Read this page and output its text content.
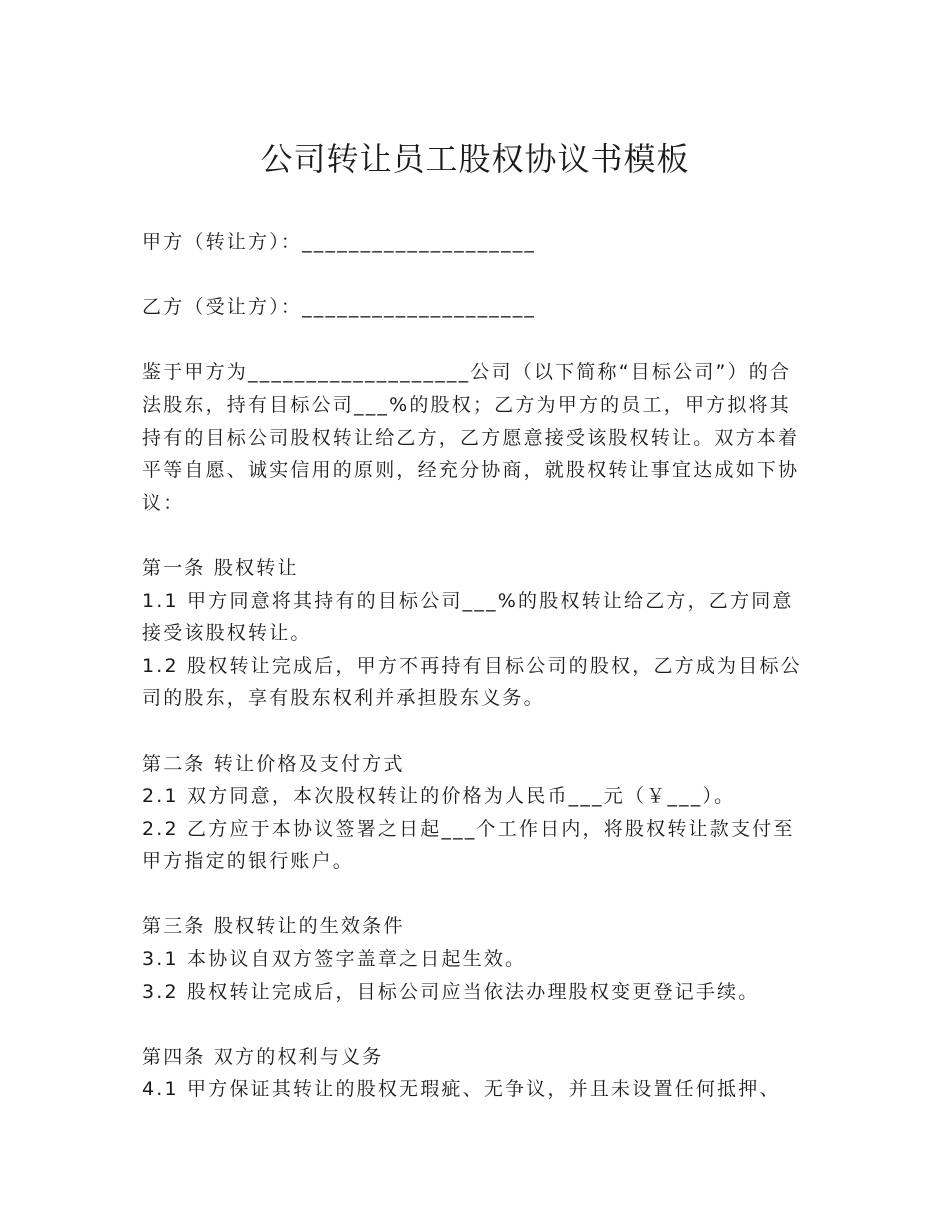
公司转让员工股权协议书模板

甲方（转让方）：____________________

乙方（受让方）：____________________

鉴于甲方为___________________公司（以下简称“目标公司”）的合法股东，持有目标公司___%的股权；乙方为甲方的员工，甲方拟将其持有的目标公司股权转让给乙方，乙方愿意接受该股权转让。双方本着平等自愿、诚实信用的原则，经充分协商，就股权转让事宜达成如下协议：

第一条 股权转让

1.1 甲方同意将其持有的目标公司___%的股权转让给乙方，乙方同意接受该股权转让。

1.2 股权转让完成后，甲方不再持有目标公司的股权，乙方成为目标公司的股东，享有股东权利并承担股东义务。

第二条 转让价格及支付方式

2.1 双方同意，本次股权转让的价格为人民币___元（￥___）。

2.2 乙方应于本协议签署之日起___个工作日内，将股权转让款支付至甲方指定的银行账户。

第三条 股权转让的生效条件

3.1 本协议自双方签字盖章之日起生效。

3.2 股权转让完成后，目标公司应当依法办理股权变更登记手续。

第四条 双方的权利与义务

4.1 甲方保证其转让的股权无瑕疵、无争议，并且未设置任何抵押、
